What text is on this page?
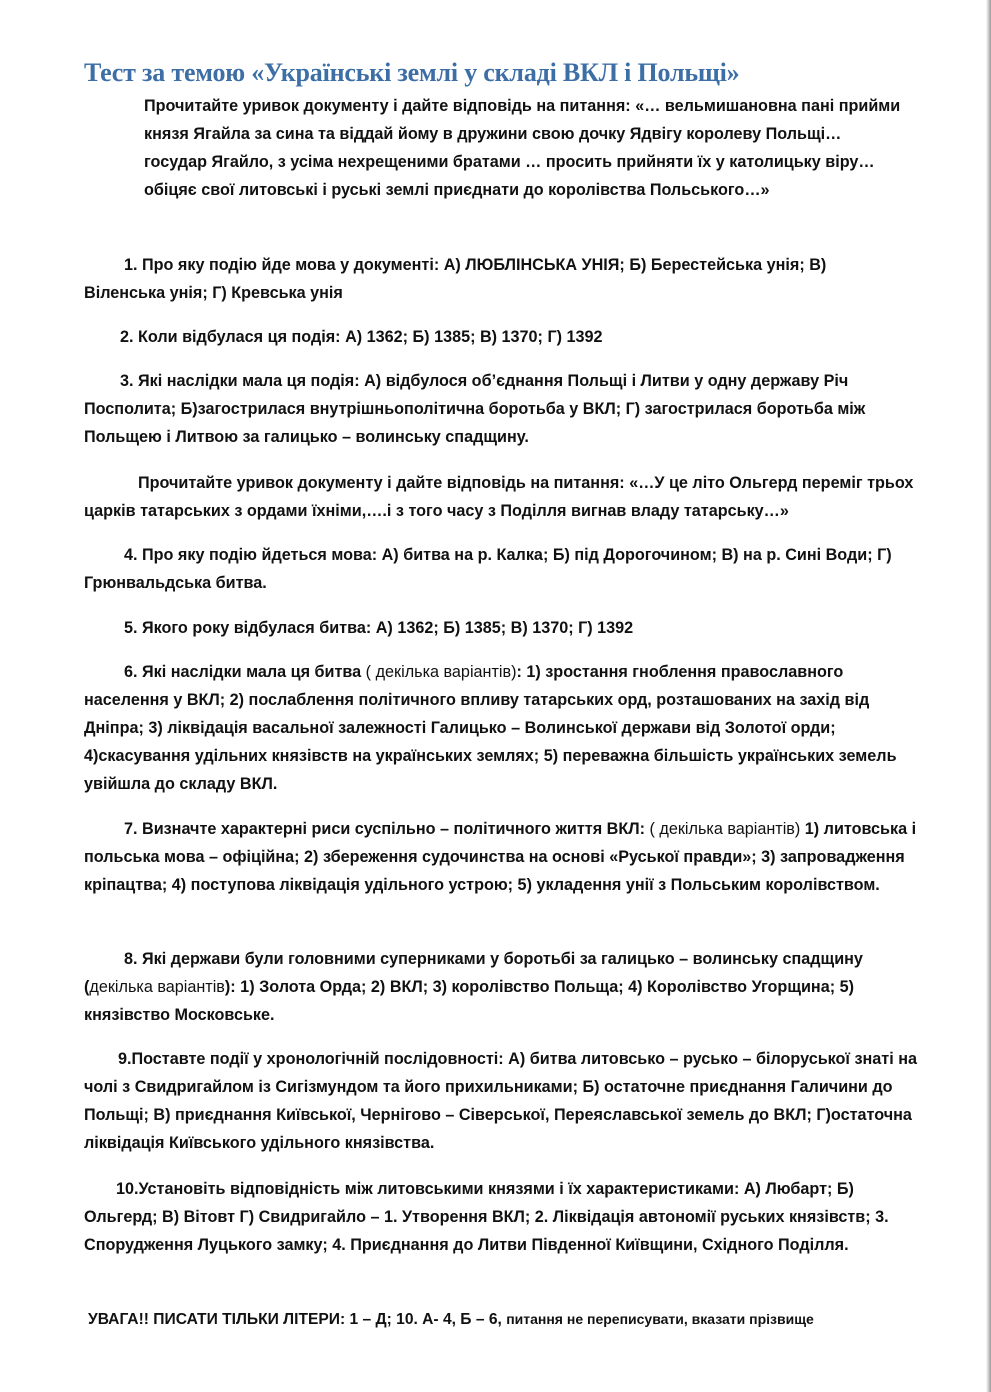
Тест за темою «Українські землі у складі ВКЛ і Польщі»

Прочитайте уривок документу і дайте відповідь на питання: «… вельмишановна пані прийми князя Ягайла за сина та віддай йому в дружини свою дочку Ядвігу королеву Польщі…государ Ягайло, з усіма нехрещеними братами … просить прийняти їх у католицьку віру…обіцяє свої литовські і руські землі приєднати до королівства Польського…»

1. Про яку подію йде мова у документі: А) ЛЮБЛІНСЬКА УНІЯ; Б) Берестейська унія; В) Віленська унія; Г) Кревська унія

2. Коли відбулася ця подія: А) 1362; Б) 1385; В) 1370; Г) 1392

3. Які наслідки мала ця подія: А) відбулося об’єднання Польщі і Литви у одну державу Річ Посполита; Б)загострилася внутрішньополітична боротьба у ВКЛ; Г) загострилася боротьба між Польщею і Литвою за галицько – волинську спадщину.

Прочитайте уривок документу і дайте відповідь на питання: «…У це літо Ольгерд переміг трьох царків татарських з ордами їхніми,….і з того часу з Поділля вигнав владу татарську…»

4. Про яку подію йдеться мова: А) битва на р. Калка; Б) під Дорогочином; В) на р. Сині Води; Г) Грюнвальдська битва.

5. Якого року відбулася битва: А) 1362; Б) 1385; В) 1370; Г) 1392

6. Які наслідки мала ця битва ( декілька варіантів): 1) зростання гноблення православного населення у ВКЛ; 2) послаблення політичного впливу татарських орд, розташованих на захід від Дніпра; 3) ліквідація васальної залежності Галицько – Волинської держави від Золотої орди; 4)скасування удільних князівств на українських землях; 5) переважна більшість українських земель увійшла до складу ВКЛ.

7. Визначте характерні риси суспільно – політичного життя ВКЛ: ( декілька варіантів) 1) литовська і польська мова – офіційна; 2) збереження судочинства на основі «Руської правди»; 3) запровадження кріпацтва; 4) поступова ліквідація удільного устрою; 5) укладення унії з Польським королівством.

8. Які держави були головними суперниками у боротьбі за галицько – волинську спадщину (декілька варіантів): 1) Золота Орда; 2) ВКЛ; 3) королівство Польща; 4) Королівство Угорщина; 5) князівство Московське.

9.Поставте події у хронологічній послідовності: А) битва литовсько – русько – білоруської знаті на чолі з Свидригайлом із Сигізмундом та його прихильниками; Б) остаточне приєднання Галичини до Польщі; В) приєднання Київської, Чернігово – Сіверської, Переяславської земель до ВКЛ; Г)остаточна ліквідація Київського удільного князівства.

10.Установіть відповідність між литовськими князями і їх характеристиками: А) Любарт; Б) Ольгерд; В) Вітовт Г) Свидригайло – 1. Утворення ВКЛ; 2. Ліквідація автономії руських князівств; 3. Спорудження Луцького замку; 4. Приєднання до Литви Південної Київщини, Східного Поділля.

УВАГА!! ПИСАТИ ТІЛЬКИ ЛІТЕРИ: 1 – Д; 10. А- 4, Б – 6, питання не переписувати, вказати прізвище
